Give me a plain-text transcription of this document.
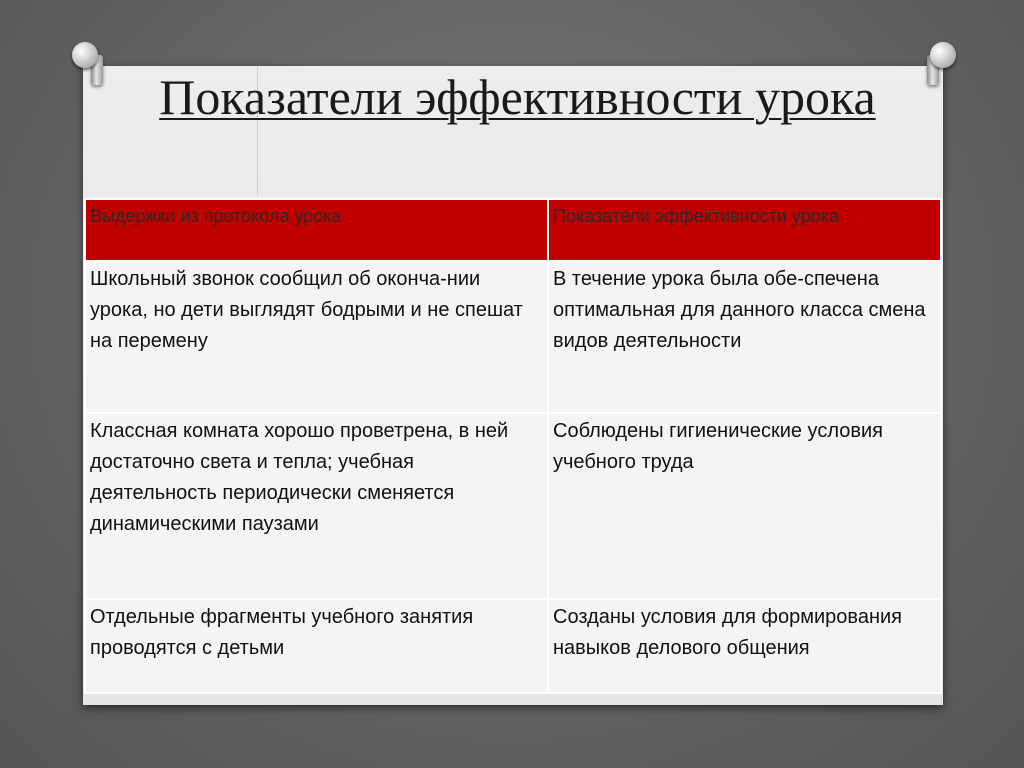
Показатели эффективности урока
Выдержки из протокола урока	Показатели эффективности урока
Школьный звонок сообщил об оконча-нии урока, но дети выглядят бодрыми и не спешат на перемену	В течение урока была обе-спечена оптимальная для данного класса смена видов деятельности
Классная комната хорошо проветрена, в ней достаточно света и тепла; учебная деятельность периодически сменяется динамическими паузами	Соблюдены гигиенические условия учебного труда
Отдельные фрагменты учебного занятия проводятся с детьми	Созданы условия для формирования навыков делового общения
